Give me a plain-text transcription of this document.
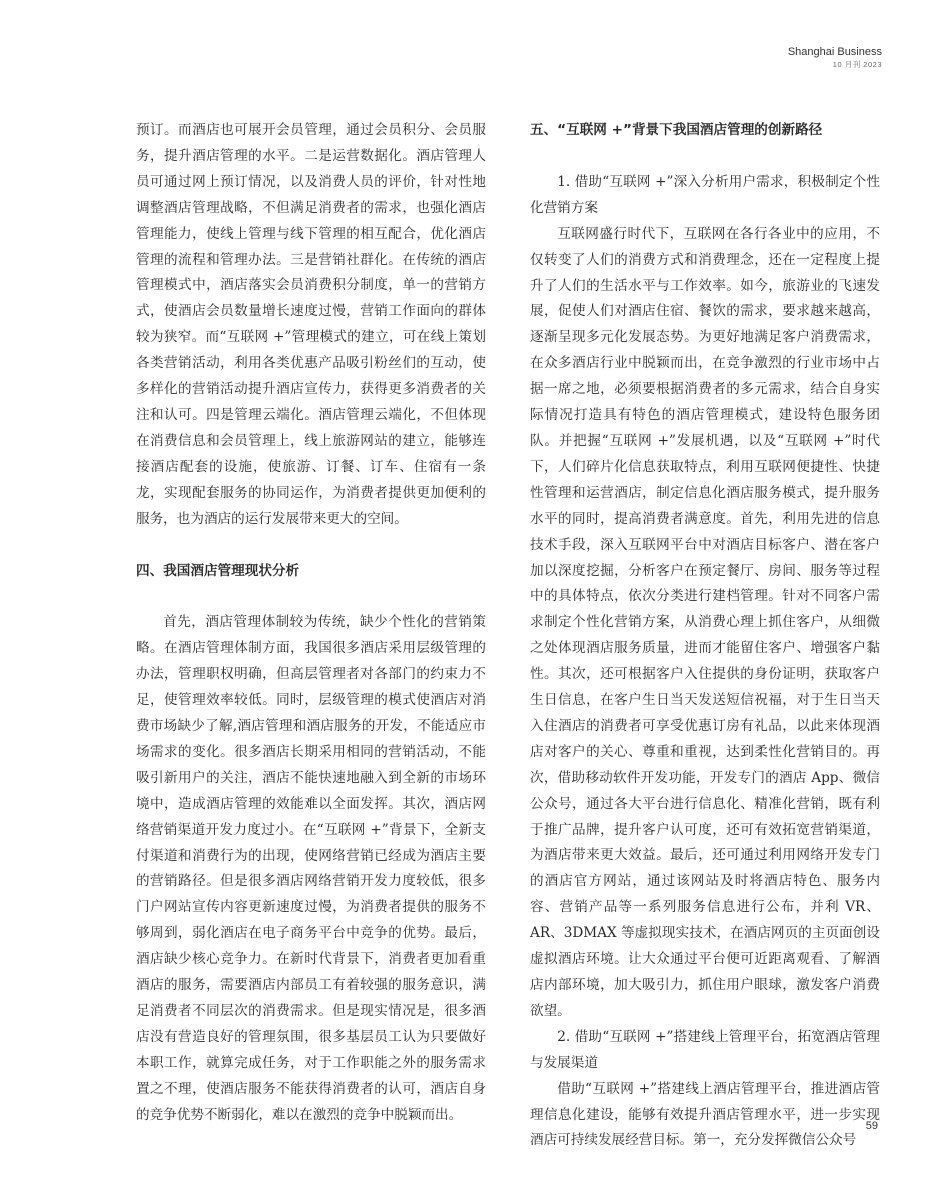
Shanghai Business
10 月刊 2023

预订。而酒店也可展开会员管理，通过会员积分、会员服务，提升酒店管理的水平。二是运营数据化。酒店管理人员可通过网上预订情况，以及消费人员的评价，针对性地调整酒店管理战略，不但满足消费者的需求，也强化酒店管理能力，使线上管理与线下管理的相互配合，优化酒店管理的流程和管理办法。三是营销社群化。在传统的酒店管理模式中，酒店落实会员消费积分制度，单一的营销方式，使酒店会员数量增长速度过慢，营销工作面向的群体较为狭窄。而“互联网 +”管理模式的建立，可在线上策划各类营销活动，利用各类优惠产品吸引粉丝们的互动，使多样化的营销活动提升酒店宣传力，获得更多消费者的关注和认可。四是管理云端化。酒店管理云端化，不但体现在消费信息和会员管理上，线上旅游网站的建立，能够连接酒店配套的设施，使旅游、订餐、订车、住宿有一条龙，实现配套服务的协同运作，为消费者提供更加便利的服务，也为酒店的运行发展带来更大的空间。

四、我国酒店管理现状分析

首先，酒店管理体制较为传统，缺少个性化的营销策略。在酒店管理体制方面，我国很多酒店采用层级管理的办法，管理职权明确，但高层管理者对各部门的约束力不足，使管理效率较低。同时，层级管理的模式使酒店对消费市场缺少了解,酒店管理和酒店服务的开发，不能适应市场需求的变化。很多酒店长期采用相同的营销活动，不能吸引新用户的关注，酒店不能快速地融入到全新的市场环境中，造成酒店管理的效能难以全面发挥。其次，酒店网络营销渠道开发力度过小。在“互联网 +”背景下，全新支付渠道和消费行为的出现，使网络营销已经成为酒店主要的营销路径。但是很多酒店网络营销开发力度较低，很多门户网站宣传内容更新速度过慢，为消费者提供的服务不够周到，弱化酒店在电子商务平台中竞争的优势。最后，酒店缺少核心竞争力。在新时代背景下，消费者更加看重酒店的服务，需要酒店内部员工有着较强的服务意识，满足消费者不同层次的消费需求。但是现实情况是，很多酒店没有营造良好的管理氛围，很多基层员工认为只要做好本职工作，就算完成任务，对于工作职能之外的服务需求置之不理，使酒店服务不能获得消费者的认可，酒店自身的竞争优势不断弱化，难以在激烈的竞争中脱颖而出。

五、“互联网 +”背景下我国酒店管理的创新路径

1. 借助“互联网 +”深入分析用户需求，积极制定个性化营销方案

互联网盛行时代下，互联网在各行各业中的应用，不仅转变了人们的消费方式和消费理念，还在一定程度上提升了人们的生活水平与工作效率。如今，旅游业的飞速发展，促使人们对酒店住宿、餐饮的需求，要求越来越高，逐渐呈现多元化发展态势。为更好地满足客户消费需求，在众多酒店行业中脱颖而出，在竞争激烈的行业市场中占据一席之地，必须要根据消费者的多元需求，结合自身实际情况打造具有特色的酒店管理模式，建设特色服务团队。并把握“互联网 +”发展机遇，以及“互联网 +”时代下，人们碎片化信息获取特点，利用互联网便捷性、快捷性管理和运营酒店，制定信息化酒店服务模式，提升服务水平的同时，提高消费者满意度。首先，利用先进的信息技术手段，深入互联网平台中对酒店目标客户、潜在客户加以深度挖掘，分析客户在预定餐厅、房间、服务等过程中的具体特点，依次分类进行建档管理。针对不同客户需求制定个性化营销方案，从消费心理上抓住客户，从细微之处体现酒店服务质量，进而才能留住客户、增强客户黏性。其次，还可根据客户入住提供的身份证明，获取客户生日信息，在客户生日当天发送短信祝福，对于生日当天入住酒店的消费者可享受优惠订房有礼品，以此来体现酒店对客户的关心、尊重和重视，达到柔性化营销目的。再次，借助移动软件开发功能，开发专门的酒店 App、微信公众号，通过各大平台进行信息化、精准化营销，既有利于推广品牌，提升客户认可度，还可有效拓宽营销渠道，为酒店带来更大效益。最后，还可通过利用网络开发专门的酒店官方网站，通过该网站及时将酒店特色、服务内容、营销产品等一系列服务信息进行公布，并利 VR、AR、3DMAX 等虚拟现实技术，在酒店网页的主页面创设虚拟酒店环境。让大众通过平台便可近距离观看、了解酒店内部环境，加大吸引力，抓住用户眼球，激发客户消费欲望。

2. 借助“互联网 +”搭建线上管理平台，拓宽酒店管理与发展渠道

借助“互联网 +”搭建线上酒店管理平台，推进酒店管理信息化建设，能够有效提升酒店管理水平，进一步实现酒店可持续发展经营目标。第一，充分发挥微信公众号

59
